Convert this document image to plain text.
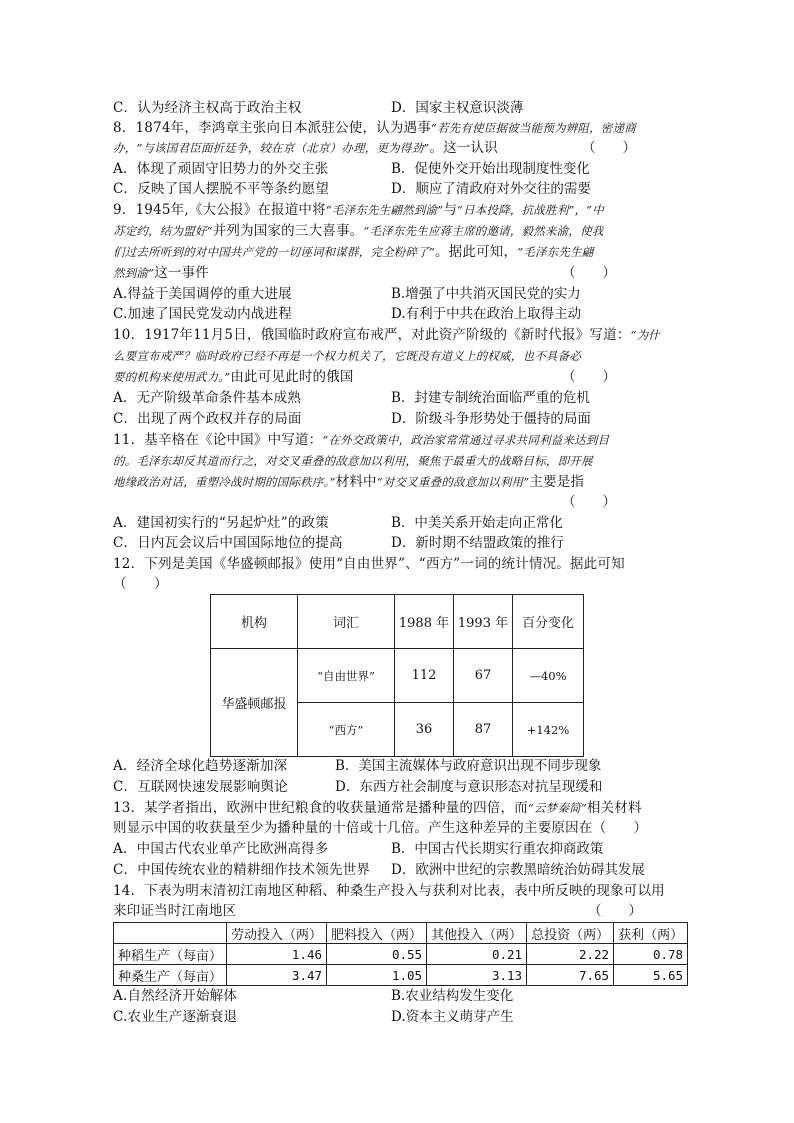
C．认为经济主权高于政治主权	D．国家主权意识淡薄
8．1874年，李鸿章主张向日本派驻公使，认为遇事“若先有使臣据彼当能预为辨阻，密递商
办，“与该国君臣面折廷争，较在京（北京）办理，更为得劲”。这一认识	（　　）
A．体现了顽固守旧势力的外交主张	B．促使外交开始出现制度性变化
C．反映了国人摆脱不平等条约愿望	D．顺应了清政府对外交往的需要
9．1945年,《大公报》在报道中将“毛泽东先生翩然到渝”与“日本投降，抗战胜利”，“中
苏定约，结为盟好”并列为国家的三大喜事。“毛泽东先生应蒋主席的邀请，毅然来渝，使我
们过去所听到的对中国共产党的一切诬词和谋群，完全粉碎了”。据此可知，“毛泽东先生翩
然到渝”这一事件	（　　）
A.得益于美国调停的重大进展	B.增强了中共消灭国民党的实力
C.加速了国民党发动内战进程	D.有利于中共在政治上取得主动
10．1917年11月5日，俄国临时政府宣布戒严，对此资产阶级的《新时代报》写道：“为什
么要宣布戒严？临时政府已经不再是一个权力机关了，它既没有道义上的权威，也不具备必
要的机构来使用武力。”由此可见此时的俄国	（　　）
A．无产阶级革命条件基本成熟	B．封建专制统治面临严重的危机
C．出现了两个政权并存的局面	D．阶级斗争形势处于僵持的局面
11．基辛格在《论中国》中写道：“在外交政策中，政治家常常通过寻求共同利益来达到目
的。毛泽东却反其道而行之，对交叉重叠的敌意加以利用，聚焦于最重大的战略目标，即开展
地缘政治对话，重塑冷战时期的国际秩序。”材料中“对交叉重叠的敌意加以利用”主要是指
（　　）
A．建国初实行的“另起炉灶”的政策	B．中美关系开始走向正常化
C．日内瓦会议后中国国际地位的提高	D．新时期不结盟政策的推行
12．下列是美国《华盛顿邮报》使用“自由世界”、“西方”一词的统计情况。据此可知
（　　）
机构	词汇	1988 年	1993 年	百分变化
华盛顿邮报	“自由世界”	112	67	—40%
	“西方”	36	87	+142%
A．经济全球化趋势逐渐加深	B．美国主流媒体与政府意识出现不同步现象
C．互联网快速发展影响舆论	D．东西方社会制度与意识形态对抗呈现缓和
13．某学者指出，欧洲中世纪粮食的收获量通常是播种量的四倍，而“云梦秦简”相关材料
则显示中国的收获量至少为播种量的十倍或十几倍。产生这种差异的主要原因在（　　）
A．中国古代农业单产比欧洲高得多	B．中国古代长期实行重农抑商政策
C．中国传统农业的精耕细作技术领先世界 D．欧洲中世纪的宗教黑暗统治妨碍其发展
14．下表为明末清初江南地区种稻、种桑生产投入与获利对比表，表中所反映的现象可以用
来印证当时江南地区	（　　）
	劳动投入（两）	肥料投入（两）	其他投入（两）	总投资（两）	获利（两）
种稻生产（每亩）	1.46	0.55	0.21	2.22	0.78
种桑生产（每亩）	3.47	1.05	3.13	7.65	5.65
A.自然经济开始解体	B.农业结构发生变化
C.农业生产逐渐衰退	D.资本主义萌芽产生
